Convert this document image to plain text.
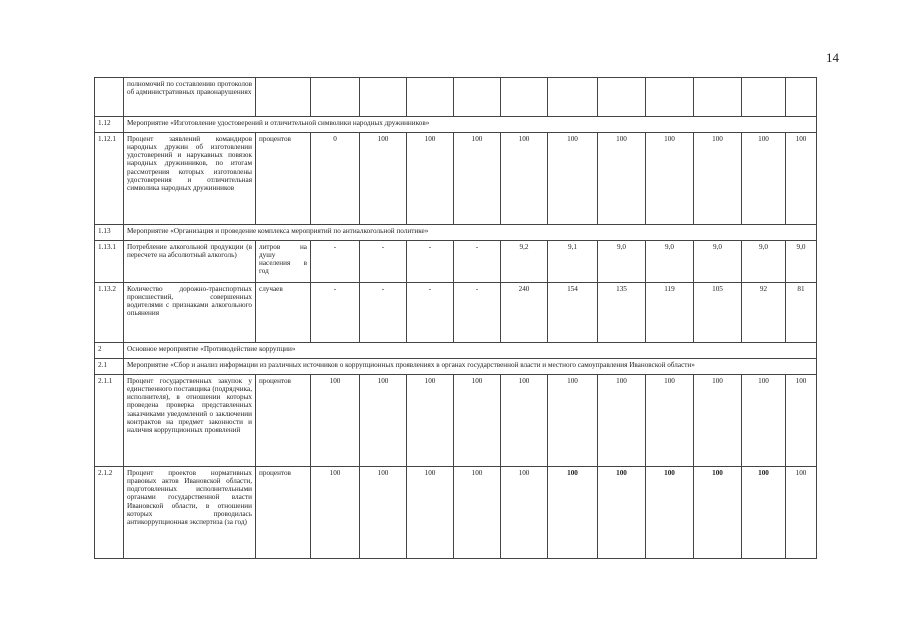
14
	полномочий по составлению протоколов об административных правонарушениях												
1.12	Мероприятие «Изготовление удостоверений и отличительной символики народных дружинников»												
1.12.1	Процент заявлений командиров народных дружин об изготовлении удостоверений и нарукавных повязок народных дружинников, по итогам рассмотрения которых изготовлены удостоверения и отличительная символика народных дружинников	процентов	0	100	100	100	100	100	100	100	100	100	100
1.13	Мероприятие «Организация и проведение комплекса мероприятий по антиалкогольной политике»												
1.13.1	Потребление алкогольной продукции (в пересчете на абсолютный алкоголь)	литров на душу населения в год	-	-	-	-	9,2	9,1	9,0	9,0	9,0	9,0	9,0
1.13.2	Количество дорожно-транспортных происшествий, совершенных водителями с признаками алкогольного опьянения	случаев	-	-	-	-	240	154	135	119	105	92	81
2	Основное мероприятие «Противодействие коррупции»												
2.1	Мероприятие «Сбор и анализ информации из различных источников о коррупционных проявлениях в органах государственной власти и местного самоуправления Ивановской области»												
2.1.1	Процент государственных закупок у единственного поставщика (подрядчика, исполнителя), в отношении которых проведена проверка представленных заказчиками уведомлений о заключении контрактов на предмет законности и наличия коррупционных проявлений	процентов	100	100	100	100	100	100	100	100	100	100	100
2.1.2	Процент проектов нормативных правовых актов Ивановской области, подготовленных исполнительными органами государственной власти Ивановской области, в отношении которых проводилась антикоррупционная экспертиза (за год)	процентов	100	100	100	100	100	100	100	100	100	100	100
